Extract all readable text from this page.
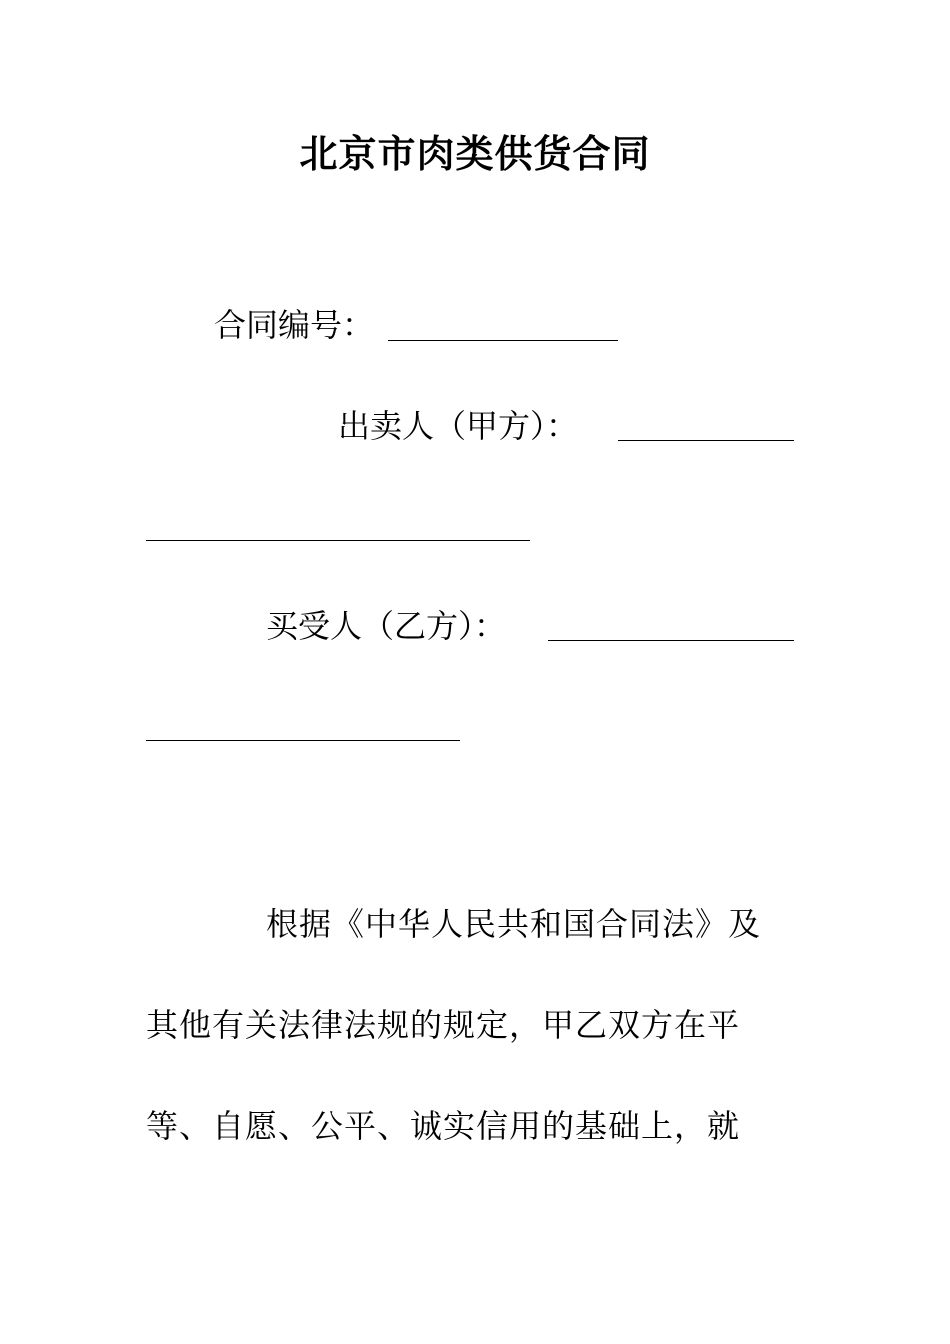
北京市肉类供货合同
合同编号：
出卖人（甲方）：
买受人（乙方）：
根据《中华人民共和国合同法》及
其他有关法律法规的规定，甲乙双方在平
等、自愿、公平、诚实信用的基础上，就
